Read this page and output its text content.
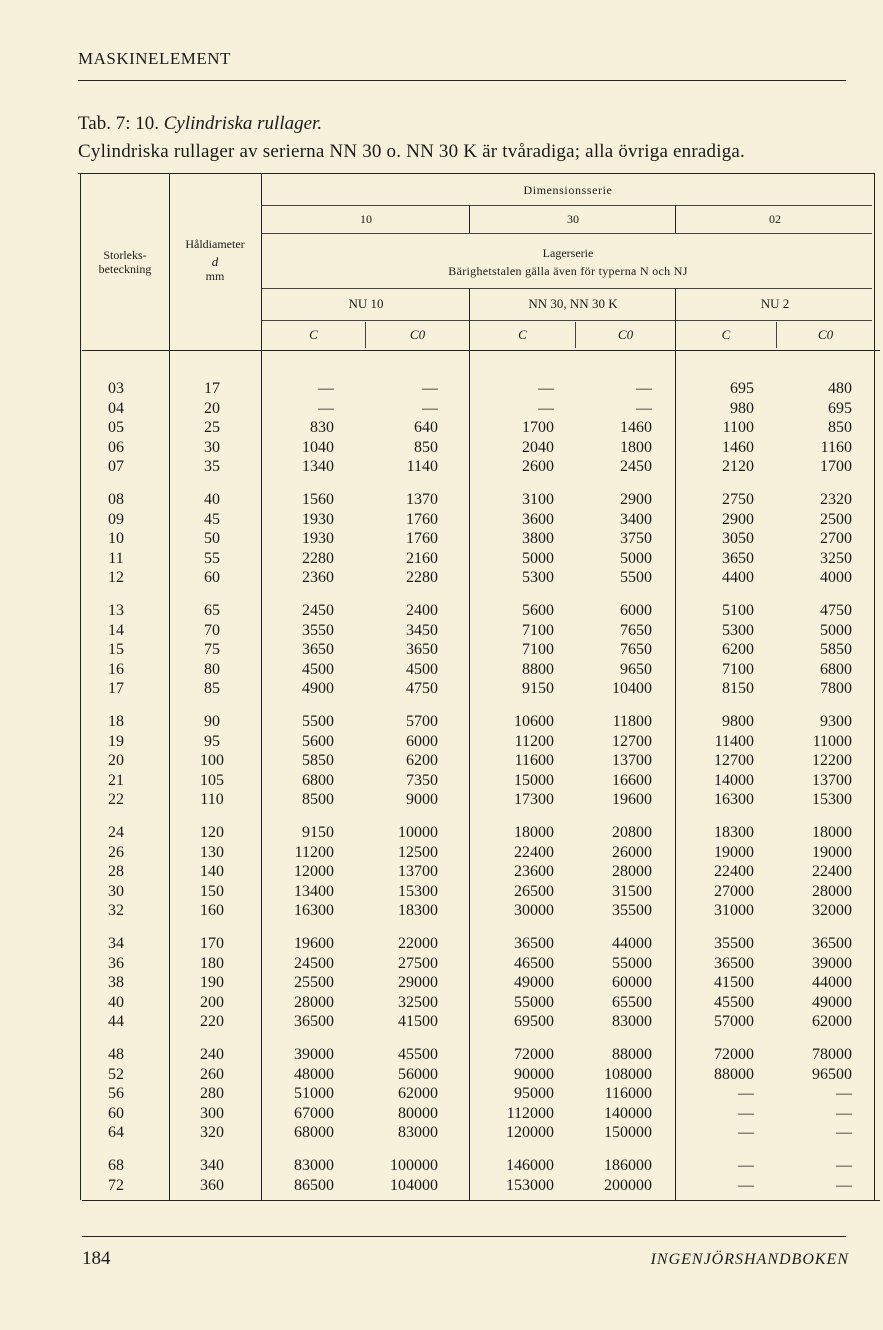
MASKINELEMENT
Tab. 7: 10. Cylindriska rullager.
Cylindriska rullager av serierna NN 30 o. NN 30 K är tvåradiga; alla övriga enradiga.
Storleks-
beteckning
Håldiameter
d
mm
Dimensionsserie
10	30	02
Lagerserie
Bärighetstalen gälla även för typerna N och NJ
NU 10	NN 30, NN 30 K	NU 2
C	C0	C	C0	C	C0
03	17	—	—	—	—	695	480
04	20	—	—	—	—	980	695
05	25	830	640	1700	1460	1100	850
06	30	1040	850	2040	1800	1460	1160
07	35	1340	1140	2600	2450	2120	1700
08	40	1560	1370	3100	2900	2750	2320
09	45	1930	1760	3600	3400	2900	2500
10	50	1930	1760	3800	3750	3050	2700
11	55	2280	2160	5000	5000	3650	3250
12	60	2360	2280	5300	5500	4400	4000
13	65	2450	2400	5600	6000	5100	4750
14	70	3550	3450	7100	7650	5300	5000
15	75	3650	3650	7100	7650	6200	5850
16	80	4500	4500	8800	9650	7100	6800
17	85	4900	4750	9150	10400	8150	7800
18	90	5500	5700	10600	11800	9800	9300
19	95	5600	6000	11200	12700	11400	11000
20	100	5850	6200	11600	13700	12700	12200
21	105	6800	7350	15000	16600	14000	13700
22	110	8500	9000	17300	19600	16300	15300
24	120	9150	10000	18000	20800	18300	18000
26	130	11200	12500	22400	26000	19000	19000
28	140	12000	13700	23600	28000	22400	22400
30	150	13400	15300	26500	31500	27000	28000
32	160	16300	18300	30000	35500	31000	32000
34	170	19600	22000	36500	44000	35500	36500
36	180	24500	27500	46500	55000	36500	39000
38	190	25500	29000	49000	60000	41500	44000
40	200	28000	32500	55000	65500	45500	49000
44	220	36500	41500	69500	83000	57000	62000
48	240	39000	45500	72000	88000	72000	78000
52	260	48000	56000	90000	108000	88000	96500
56	280	51000	62000	95000	116000	—	—
60	300	67000	80000	112000	140000	—	—
64	320	68000	83000	120000	150000	—	—
68	340	83000	100000	146000	186000	—	—
72	360	86500	104000	153000	200000	—	—
184	INGENJÖRSHANDBOKEN
